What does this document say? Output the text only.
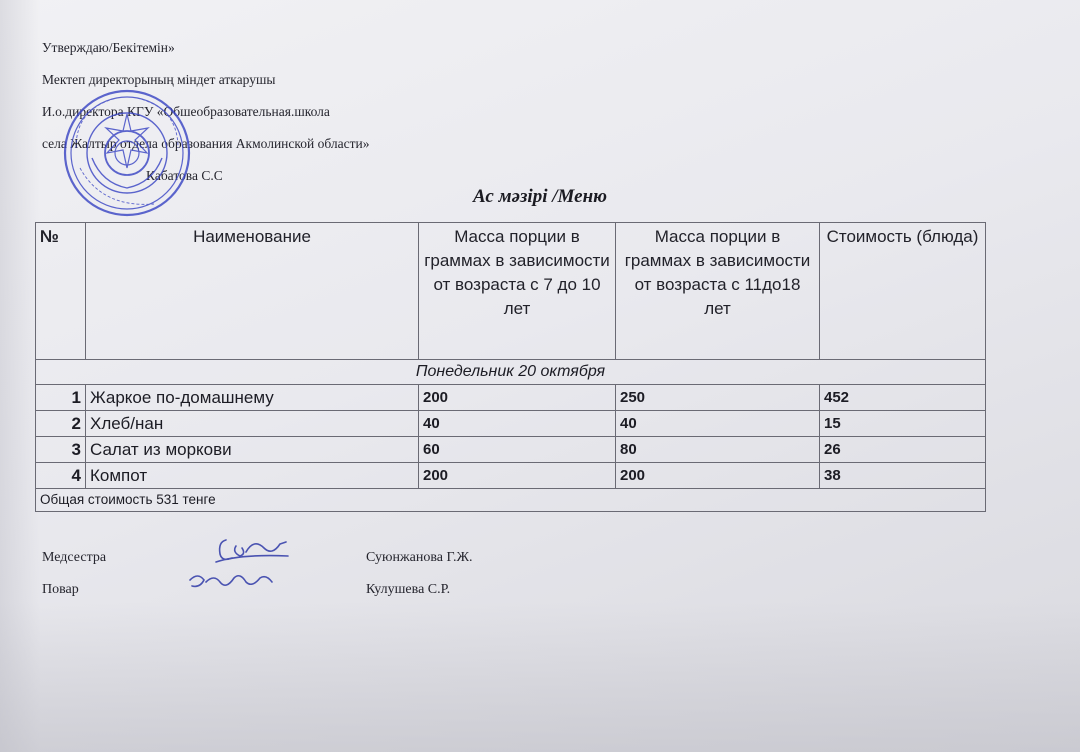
Утверждаю/Бекітемін»
Мектеп директорының міндет аткарушы
И.о.директора КГУ «Обшеобразовательная.школа
села Жалтыр отдела образования Акмолинской области»
Кабатова С.С
Ас мәзірі /Меню
№	Наименование	Масса порции в граммах в зависимости от возраста с 7 до 10 лет	Масса порции в граммах в зависимости от возраста с 11до18 лет	Стоимость (блюда)
Понедельник 20 октября				
1	Жаркое по-домашнему	200	250	452
2	Хлеб/нан	40	40	15
3	Салат из моркови	60	80	26
4	Компот	200	200	38
Общая стоимость 531 тенге				
Медсестра	Суюнжанова Г.Ж.
Повар	Кулушева С.Р.
